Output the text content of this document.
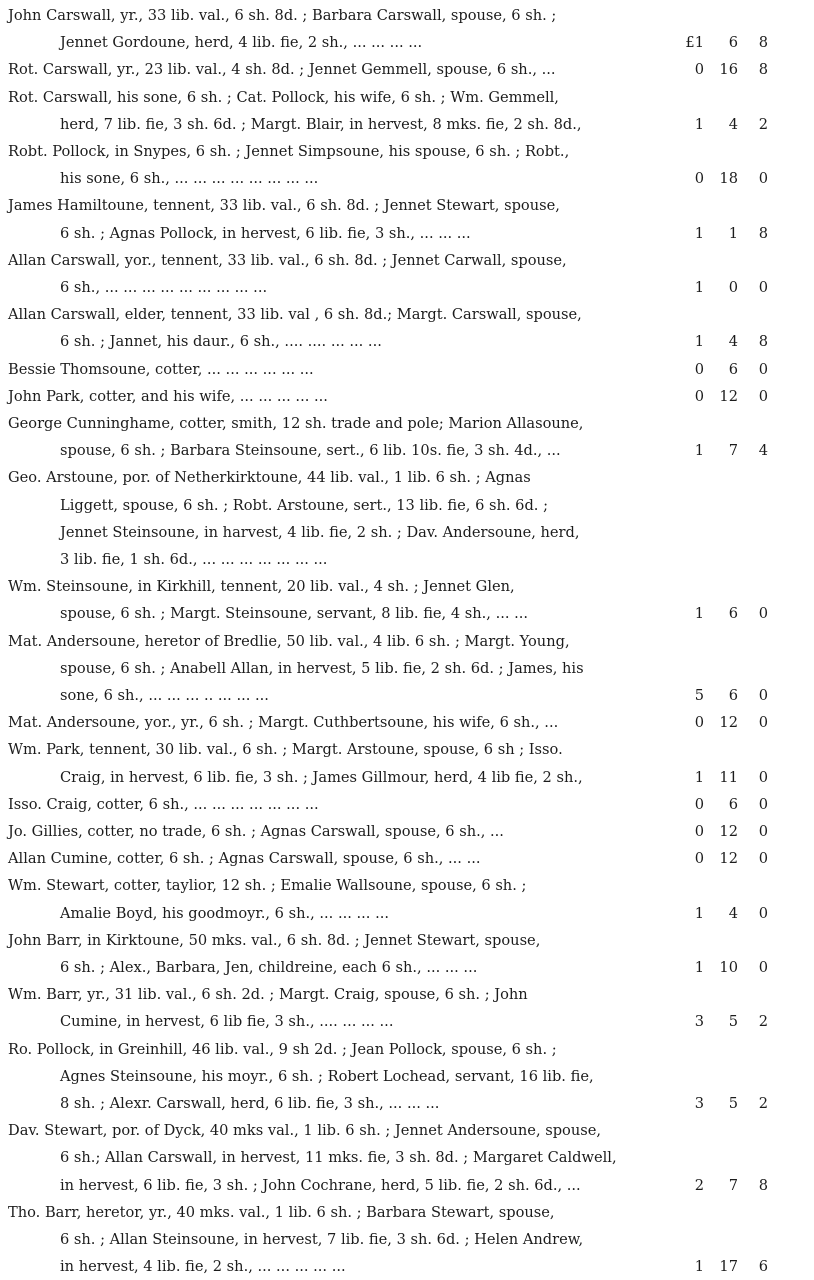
John Carswall, yr., 33 lib. val., 6 sh. 8d. ; Barbara Carswall, spouse, 6 sh. ;
Jennet Gordoune, herd, 4 lib. fie, 2 sh., ... ... ... ...	£1	6	8
Rot. Carswall, yr., 23 lib. val., 4 sh. 8d. ; Jennet Gemmell, spouse, 6 sh., ...	0	16	8
Rot. Carswall, his sone, 6 sh. ; Cat. Pollock, his wife, 6 sh. ; Wm. Gemmell,
herd, 7 lib. fie, 3 sh. 6d. ; Margt. Blair, in hervest, 8 mks. fie, 2 sh. 8d.,	1	4	2
Robt. Pollock, in Snypes, 6 sh. ; Jennet Simpsoune, his spouse, 6 sh. ; Robt.,
his sone, 6 sh., ... ... ... ... ... ... ... ...	0	18	0
James Hamiltoune, tennent, 33 lib. val., 6 sh. 8d. ; Jennet Stewart, spouse,
6 sh. ; Agnas Pollock, in hervest, 6 lib. fie, 3 sh., ... ... ...	1	1	8
Allan Carswall, yor., tennent, 33 lib. val., 6 sh. 8d. ; Jennet Carwall, spouse,
6 sh., ... ... ... ... ... ... ... ... ...	1	0	0
Allan Carswall, elder, tennent, 33 lib. val , 6 sh. 8d.; Margt. Carswall, spouse,
6 sh. ; Jannet, his daur., 6 sh., .... .... ... ... ...	1	4	8
Bessie Thomsoune, cotter, ... ... ... ... ... ...	0	6	0
John Park, cotter, and his wife, ... ... ... ... ...	0	12	0
George Cunninghame, cotter, smith, 12 sh. trade and pole; Marion Allasoune,
spouse, 6 sh. ; Barbara Steinsoune, sert., 6 lib. 10s. fie, 3 sh. 4d., ...	1	7	4
Geo. Arstoune, por. of Netherkirktoune, 44 lib. val., 1 lib. 6 sh. ; Agnas
Liggett, spouse, 6 sh. ; Robt. Arstoune, sert., 13 lib. fie, 6 sh. 6d. ;
Jennet Steinsoune, in harvest, 4 lib. fie, 2 sh. ; Dav. Andersoune, herd,
3 lib. fie, 1 sh. 6d., ... ... ... ... ... ... ...
Wm. Steinsoune, in Kirkhill, tennent, 20 lib. val., 4 sh. ; Jennet Glen,
spouse, 6 sh. ; Margt. Steinsoune, servant, 8 lib. fie, 4 sh., ... ...	1	6	0
Mat. Andersoune, heretor of Bredlie, 50 lib. val., 4 lib. 6 sh. ; Margt. Young,
spouse, 6 sh. ; Anabell Allan, in hervest, 5 lib. fie, 2 sh. 6d. ; James, his
sone, 6 sh., ... ... ... .. ... ... ...	5	6	0
Mat. Andersoune, yor., yr., 6 sh. ; Margt. Cuthbertsoune, his wife, 6 sh., ...	0	12	0
Wm. Park, tennent, 30 lib. val., 6 sh. ; Margt. Arstoune, spouse, 6 sh ; Isso.
Craig, in hervest, 6 lib. fie, 3 sh. ; James Gillmour, herd, 4 lib fie, 2 sh.,	1	11	0
Isso. Craig, cotter, 6 sh., ... ... ... ... ... ... ...	0	6	0
Jo. Gillies, cotter, no trade, 6 sh. ; Agnas Carswall, spouse, 6 sh., ...	0	12	0
Allan Cumine, cotter, 6 sh. ; Agnas Carswall, spouse, 6 sh., ... ...	0	12	0
Wm. Stewart, cotter, taylior, 12 sh. ; Emalie Wallsoune, spouse, 6 sh. ;
Amalie Boyd, his goodmoyr., 6 sh., ... ... ... ...	1	4	0
John Barr, in Kirktoune, 50 mks. val., 6 sh. 8d. ; Jennet Stewart, spouse,
6 sh. ; Alex., Barbara, Jen, childreine, each 6 sh., ... ... ...	1	10	0
Wm. Barr, yr., 31 lib. val., 6 sh. 2d. ; Margt. Craig, spouse, 6 sh. ; John
Cumine, in hervest, 6 lib fie, 3 sh., .... ... ... ...	3	5	2
Ro. Pollock, in Greinhill, 46 lib. val., 9 sh 2d. ; Jean Pollock, spouse, 6 sh. ;
Agnes Steinsoune, his moyr., 6 sh. ; Robert Lochead, servant, 16 lib. fie,
8 sh. ; Alexr. Carswall, herd, 6 lib. fie, 3 sh., ... ... ...	3	5	2
Dav. Stewart, por. of Dyck, 40 mks val., 1 lib. 6 sh. ; Jennet Andersoune, spouse,
6 sh.; Allan Carswall, in hervest, 11 mks. fie, 3 sh. 8d. ; Margaret Caldwell,
in hervest, 6 lib. fie, 3 sh. ; John Cochrane, herd, 5 lib. fie, 2 sh. 6d., ...	2	7	8
Tho. Barr, heretor, yr., 40 mks. val., 1 lib. 6 sh. ; Barbara Stewart, spouse,
6 sh. ; Allan Steinsoune, in hervest, 7 lib. fie, 3 sh. 6d. ; Helen Andrew,
in hervest, 4 lib. fie, 2 sh., ... ... ... ... ...	1	17	6
